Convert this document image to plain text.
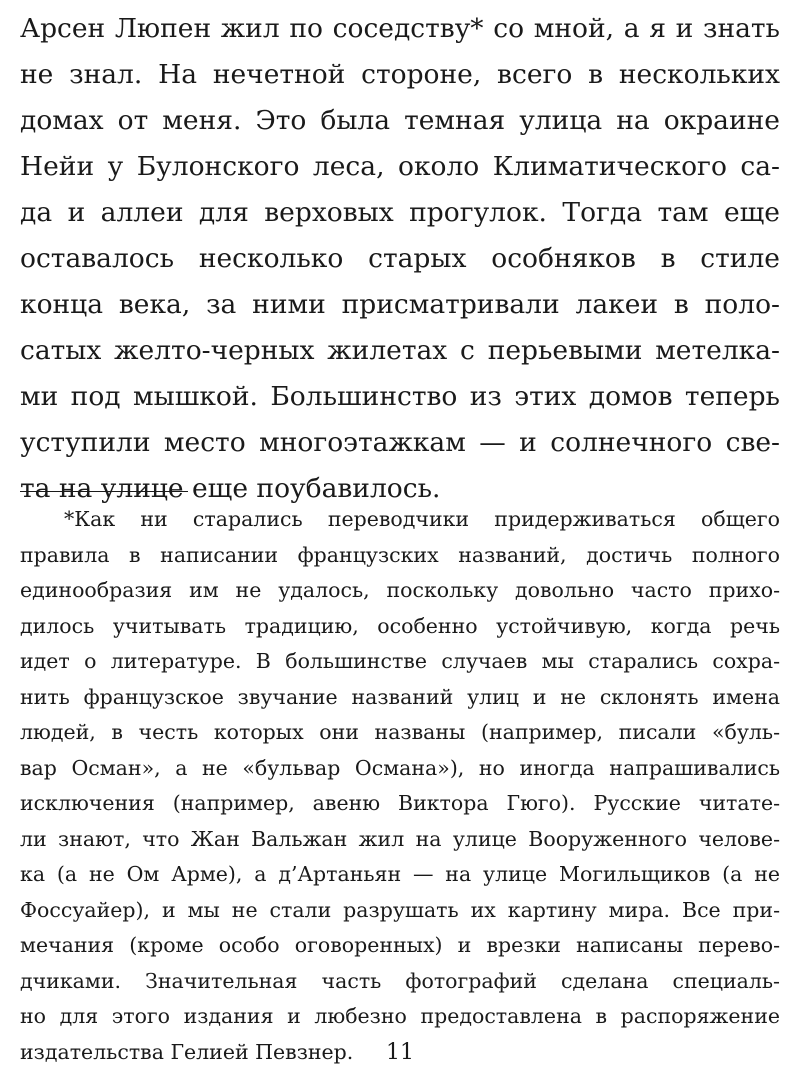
Арсен Люпен жил по соседству* со мной, а я и знать
не знал. На нечетной стороне, всего в нескольких
домах от меня. Это была темная улица на окраине
Нейи у Булонского леса, около Климатического са-
да и аллеи для верховых прогулок. Тогда там еще
оставалось несколько старых особняков в стиле
конца века, за ними присматривали лакеи в поло-
сатых желто-черных жилетах с перьевыми метелка-
ми под мышкой. Большинство из этих домов теперь
уступили место многоэтажкам — и солнечного све-
та на улице еще поубавилось.
*Как ни старались переводчики придерживаться общего
правила в написании французских названий, достичь полного
единообразия им не удалось, поскольку довольно часто прихо-
дилось учитывать традицию, особенно устойчивую, когда речь
идет о литературе. В большинстве случаев мы старались сохра-
нить французское звучание названий улиц и не склонять имена
людей, в честь которых они названы (например, писали «буль-
вар Осман», а не «бульвар Османа»), но иногда напрашивались
исключения (например, авеню Виктора Гюго). Русские читате-
ли знают, что Жан Вальжан жил на улице Вооруженного челове-
ка (а не Ом Арме), а д’Артаньян — на улице Могильщиков (а не
Фоссуайер), и мы не стали разрушать их картину мира. Все при-
мечания (кроме особо оговоренных) и врезки написаны перево-
дчиками. Значительная часть фотографий сделана специаль-
но для этого издания и любезно предоставлена в распоряжение
издательства Гелией Певзнер.	11
